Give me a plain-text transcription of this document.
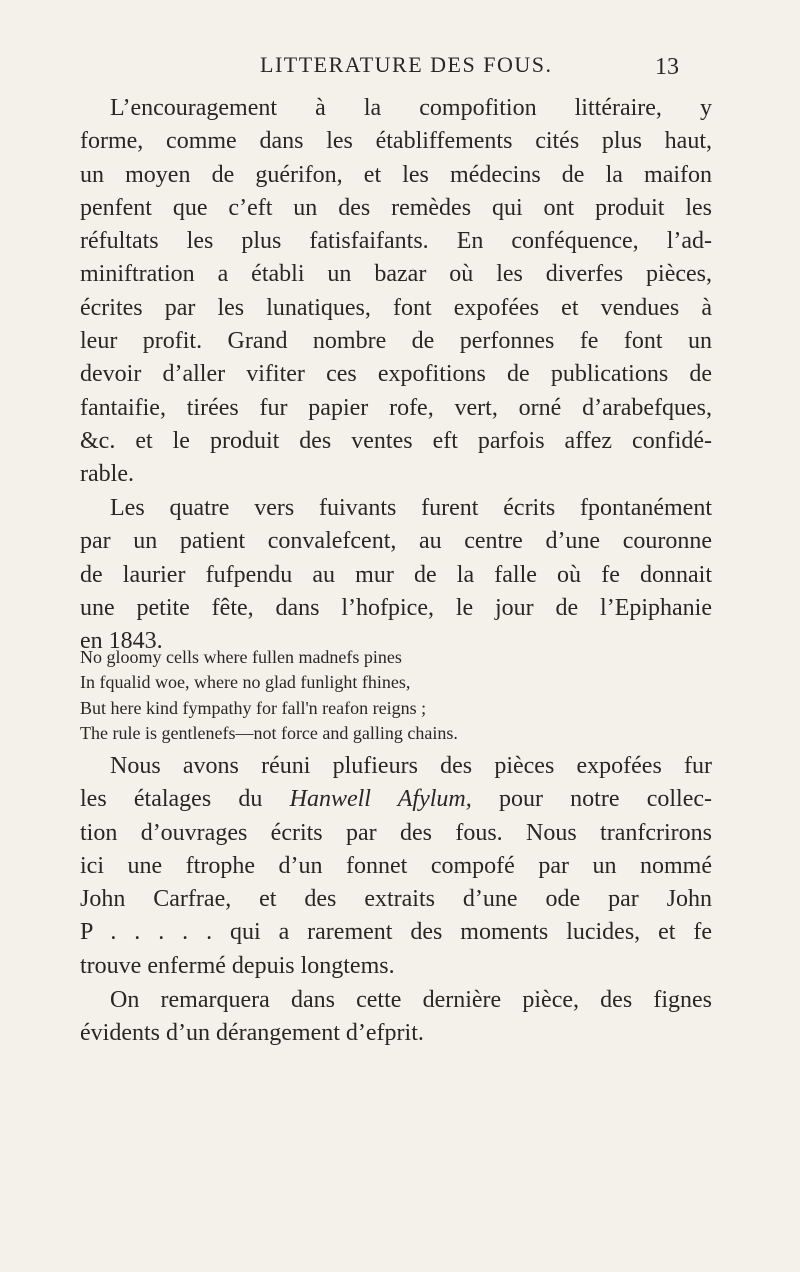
LITTERATURE DES FOUS.	13
L’encouragement à la compofition littéraire, y
forme, comme dans les établiffements cités plus haut,
un moyen de guérifon, et les médecins de la maifon
penfent que c’eft un des remèdes qui ont produit les
réfultats les plus fatisfaifants. En conféquence, l’ad-
miniftration a établi un bazar où les diverfes pièces,
écrites par les lunatiques, font expofées et vendues à
leur profit. Grand nombre de perfonnes fe font un
devoir d’aller vifiter ces expofitions de publications de
fantaifie, tirées fur papier rofe, vert, orné d’arabefques,
&c. et le produit des ventes eft parfois affez confidé-
rable.
Les quatre vers fuivants furent écrits fpontanément
par un patient convalefcent, au centre d’une couronne
de laurier fufpendu au mur de la falle où fe donnait
une petite fête, dans l’hofpice, le jour de l’Epiphanie
en 1843.
No gloomy cells where fullen madnefs pines
In fqualid woe, where no glad funlight fhines,
But here kind fympathy for fall'n reafon reigns ;
The rule is gentlenefs—not force and galling chains.
Nous avons réuni plufieurs des pièces expofées fur
les étalages du Hanwell Afylum, pour notre collec-
tion d’ouvrages écrits par des fous. Nous tranfcrirons
ici une ftrophe d’un fonnet compofé par un nommé
John Carfrae, et des extraits d’une ode par John
P . . . . . qui a rarement des moments lucides, et fe
trouve enfermé depuis longtems.
On remarquera dans cette dernière pièce, des fignes
évidents d’un dérangement d’efprit.
